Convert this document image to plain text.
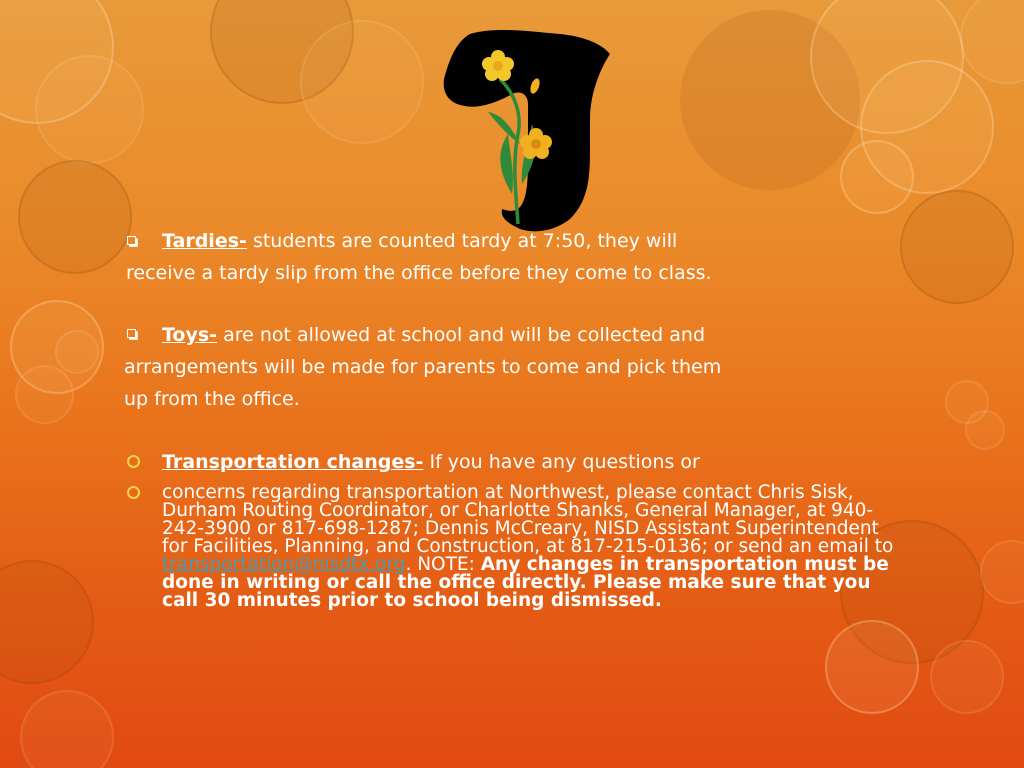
Tardies- students are counted tardy at 7:50, they will
receive a tardy slip from the office before they come to class.
Toys- are not allowed at school and will be collected and
arrangements will be made for parents to come and pick them
up from the office.
Transportation changes- If you have any questions or
concerns regarding transportation at Northwest, please contact Chris Sisk, Durham Routing Coordinator, or Charlotte Shanks, General Manager, at 940-242-3900 or 817-698-1287; Dennis McCreary, NISD Assistant Superintendent for Facilities, Planning, and Construction, at 817-215-0136; or send an email to transportation@nisdtx.org. NOTE: Any changes in transportation must be done in writing or call the office directly. Please make sure that you call 30 minutes prior to school being dismissed.
